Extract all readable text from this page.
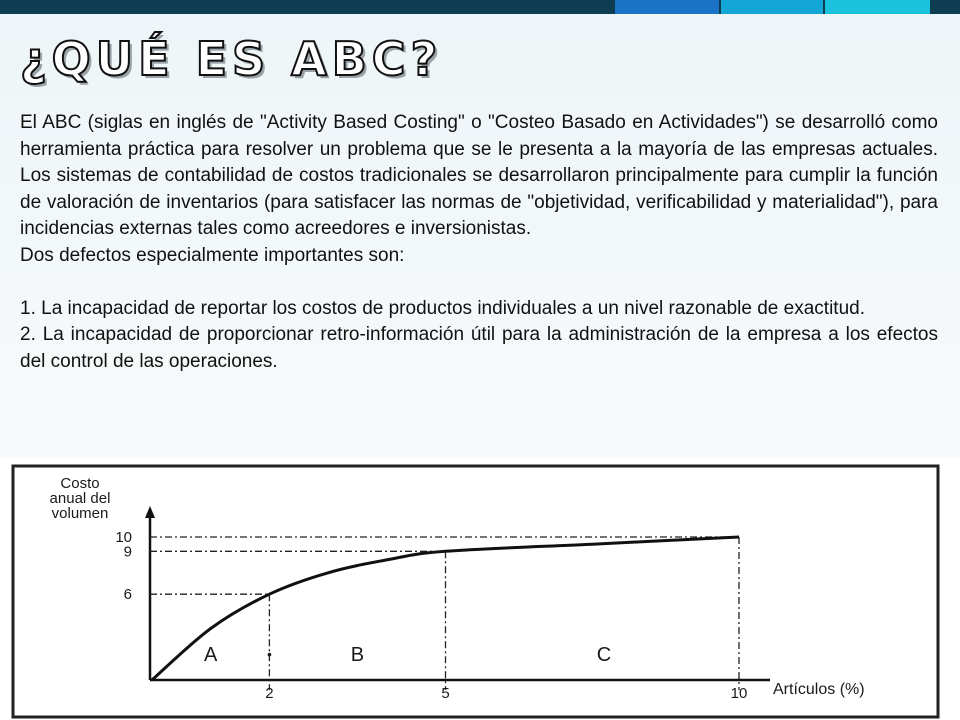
¿QUÉ ES ABC?

El ABC (siglas en inglés de "Activity Based Costing" o "Costeo Basado en Actividades") se desarrolló como herramienta práctica para resolver un problema que se le presenta a la mayoría de las empresas actuales. Los sistemas de contabilidad de costos tradicionales se desarrollaron principalmente para cumplir la función de valoración de inventarios (para satisfacer las normas de "objetividad, verificabilidad y materialidad"), para incidencias externas tales como acreedores e inversionistas.

Dos defectos especialmente importantes son:

1. La incapacidad de reportar los costos de productos individuales a un nivel razonable de exactitud.

2. La incapacidad de proporcionar retro-información útil para la administración de la empresa a los efectos del control de las operaciones.

2	5	10
6
9
10
A	B	C
Costo
anual del
volumen
Artículos (%)
•
